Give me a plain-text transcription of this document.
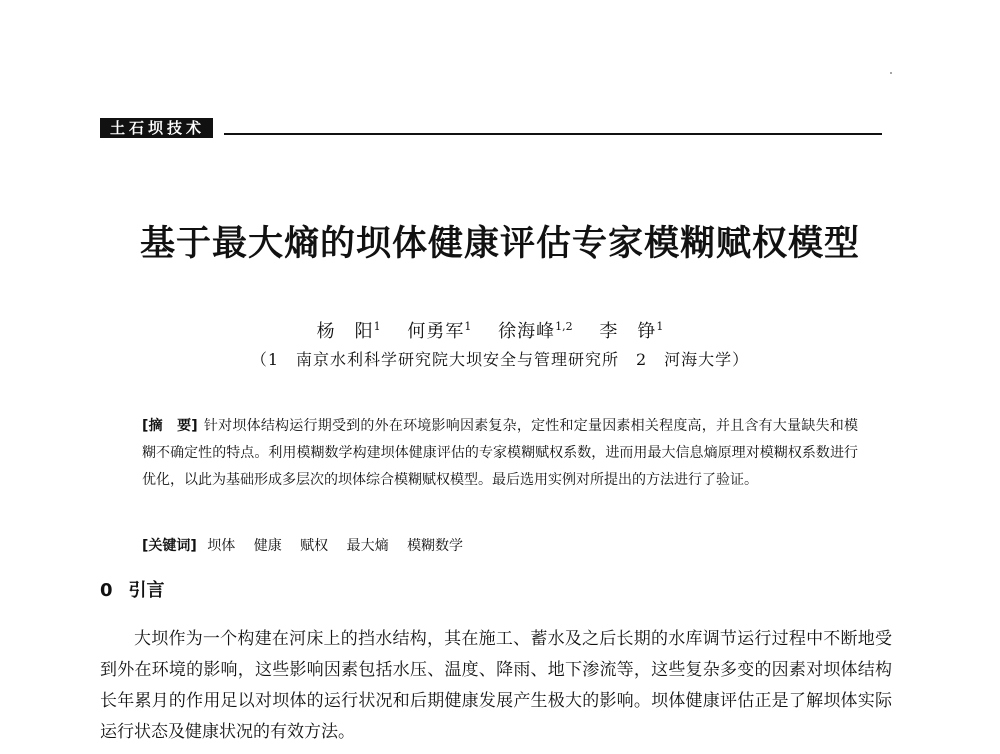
土石坝技术
基于最大熵的坝体健康评估专家模糊赋权模型
杨　阳$^1$ 何勇军$^1$ 徐海峰$^{1,2}$ 李　铮$^1$
（1　南京水利科学研究院大坝安全与管理研究所　2　河海大学）
[摘　要] 针对坝体结构运行期受到的外在环境影响因素复杂，定性和定量因素相关程度高，并且含有大量缺失和模糊不确定性的特点。利用模糊数学构建坝体健康评估的专家模糊赋权系数，进而用最大信息熵原理对模糊权系数进行优化，以此为基础形成多层次的坝体综合模糊赋权模型。最后选用实例对所提出的方法进行了验证。
[关键词] 坝体 健康 赋权 最大熵 模糊数学
0 引言
大坝作为一个构建在河床上的挡水结构，其在施工、蓄水及之后长期的水库调节运行过程中不断地受到外在环境的影响，这些影响因素包括水压、温度、降雨、地下渗流等，这些复杂多变的因素对坝体结构长年累月的作用足以对坝体的运行状况和后期健康发展产生极大的影响。坝体健康评估正是了解坝体实际运行状态及健康状况的有效方法。
